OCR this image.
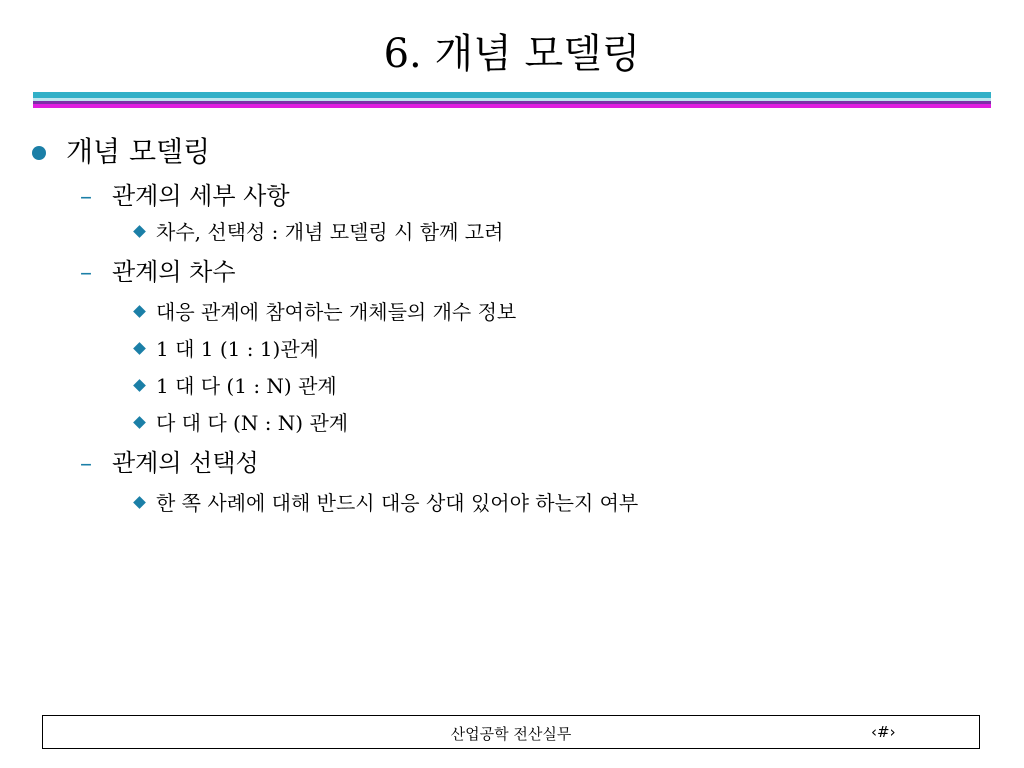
6. 개념 모델링
개념 모델링
– 관계의 세부 사항
차수, 선택성 : 개념 모델링 시 함께 고려
– 관계의 차수
대응 관계에 참여하는 개체들의 개수 정보
1 대 1 (1 : 1)관계
1 대 다 (1 : N) 관계
다 대 다 (N : N) 관계
– 관계의 선택성
한 쪽 사례에 대해 반드시 대응 상대 있어야 하는지 여부
산업공학 전산실무	‹#›
